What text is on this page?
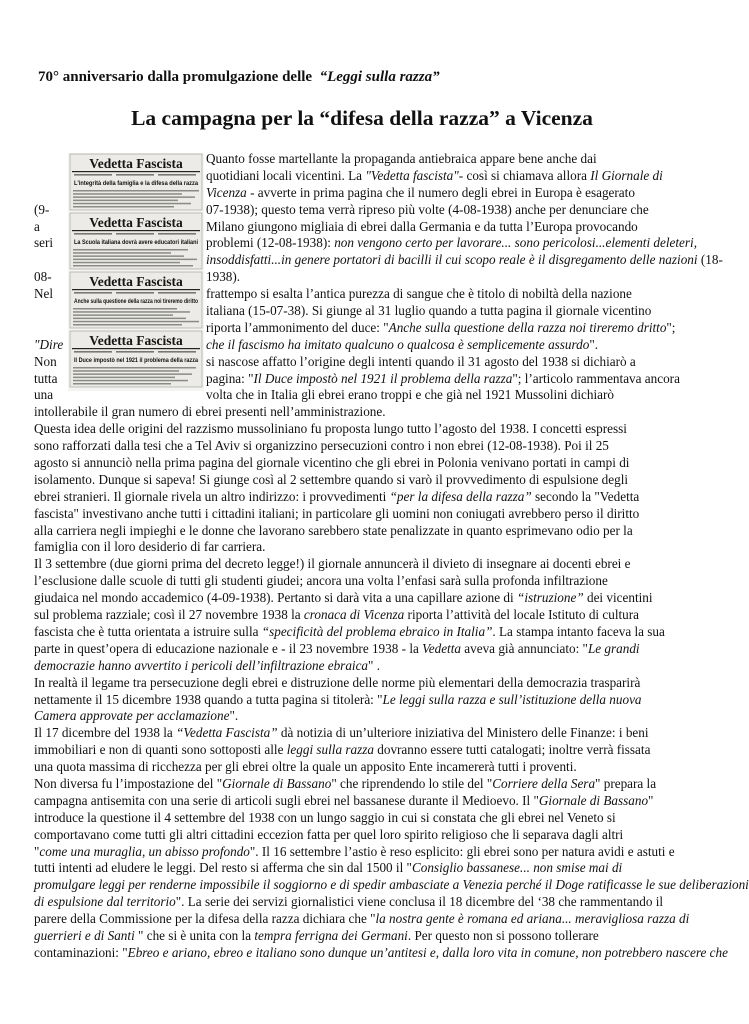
70° anniversario dalla promulgazione delle “Leggi sulla razza”
La campagna per la “difesa della razza” a Vicenza
Vedetta Fascista
L'integrità della famiglia e la difesa della razza
Vedetta Fascista
La Scuola italiana dovrà avere educatori italiani
Vedetta Fascista
Anche sulla questione della razza noi tireremo diritto
Vedetta Fascista
Il Duce impostò nel 1921 il problema della razza
Quanto fosse martellante la propaganda antiebraica appare bene anche dai
quotidiani locali vicentini. La "Vedetta fascista"- così si chiamava allora Il Giornale di
Vicenza - avverte in prima pagina che il numero degli ebrei in Europa è esagerato
(9-	07-1938); questo tema verrà ripreso più volte (4-08-1938) anche per denunciare che
a	Milano giungono migliaia di ebrei dalla Germania e da tutta l’Europa provocando
seri	problemi (12-08-1938): non vengono certo per lavorare... sono pericolosi...elementi deleteri,
insoddisfatti...in genere portatori di bacilli il cui scopo reale è il disgregamento delle nazioni (18-
08-	1938).
Nel	frattempo si esalta l’antica purezza di sangue che è titolo di nobiltà della nazione
italiana (15-07-38). Si giunge al 31 luglio quando a tutta pagina il giornale vicentino
riporta l’ammonimento del duce: "Anche sulla questione della razza noi tireremo dritto";
"Dire	che il fascismo ha imitato qualcuno o qualcosa è semplicemente assurdo".
Non	si nascose affatto l’origine degli intenti quando il 31 agosto del 1938 si dichiarò a
tutta	pagina: "Il Duce impostò nel 1921 il problema della razza"; l’articolo rammentava ancora
una	volta che in Italia gli ebrei erano troppi e che già nel 1921 Mussolini dichiarò
intollerabile il gran numero di ebrei presenti nell’amministrazione.
Questa idea delle origini del razzismo mussoliniano fu proposta lungo tutto l’agosto del 1938. I concetti espressi
sono rafforzati dalla tesi che a Tel Aviv si organizzino persecuzioni contro i non ebrei (12-08-1938). Poi il 25
agosto si annunciò nella prima pagina del giornale vicentino che gli ebrei in Polonia venivano portati in campi di
isolamento. Dunque si sapeva! Si giunge così al 2 settembre quando si varò il provvedimento di espulsione degli
ebrei stranieri. Il giornale rivela un altro indirizzo: i provvedimenti “per la difesa della razza” secondo la "Vedetta
fascista" investivano anche tutti i cittadini italiani; in particolare gli uomini non coniugati avrebbero perso il diritto
alla carriera negli impieghi e le donne che lavorano sarebbero state penalizzate in quanto esprimevano odio per la
famiglia con il loro desiderio di far carriera.
Il 3 settembre (due giorni prima del decreto legge!) il giornale annuncerà il divieto di insegnare ai docenti ebrei e
l’esclusione dalle scuole di tutti gli studenti giudei; ancora una volta l’enfasi sarà sulla profonda infiltrazione
giudaica nel mondo accademico (4-09-1938). Pertanto si darà vita a una capillare azione di “istruzione” dei vicentini
sul problema razziale; così il 27 novembre 1938 la cronaca di Vicenza riporta l’attività del locale Istituto di cultura
fascista che è tutta orientata a istruire sulla “specificità del problema ebraico in Italia”. La stampa intanto faceva la sua
parte in quest’opera di educazione nazionale e - il 23 novembre 1938 - la Vedetta aveva già annunciato: "Le grandi
democrazie hanno avvertito i pericoli dell’infiltrazione ebraica" .
In realtà il legame tra persecuzione degli ebrei e distruzione delle norme più elementari della democrazia trasparirà
nettamente il 15 dicembre 1938 quando a tutta pagina si titolerà: "Le leggi sulla razza e sull’istituzione della nuova
Camera approvate per acclamazione".
Il 17 dicembre del 1938 la “Vedetta Fascista” dà notizia di un’ulteriore iniziativa del Ministero delle Finanze: i beni
immobiliari e non di quanti sono sottoposti alle leggi sulla razza dovranno essere tutti catalogati; inoltre verrà fissata
una quota massima di ricchezza per gli ebrei oltre la quale un apposito Ente incamererà tutti i proventi.
Non diversa fu l’impostazione del "Giornale di Bassano" che riprendendo lo stile del "Corriere della Sera" prepara la
campagna antisemita con una serie di articoli sugli ebrei nel bassanese durante il Medioevo. Il "Giornale di Bassano"
introduce la questione il 4 settembre del 1938 con un lungo saggio in cui si constata che gli ebrei nel Veneto si
comportavano come tutti gli altri cittadini eccezion fatta per quel loro spirito religioso che li separava dagli altri
"come una muraglia, un abisso profondo". Il 16 settembre l’astio è reso esplicito: gli ebrei sono per natura avidi e astuti e
tutti intenti ad eludere le leggi. Del resto si afferma che sin dal 1500 il "Consiglio bassanese... non smise mai di
promulgare leggi per renderne impossibile il soggiorno e di spedir ambasciate a Venezia perché il Doge ratificasse le sue deliberazioni
di espulsione dal territorio". La serie dei servizi giornalistici viene conclusa il 18 dicembre del ‘38 che rammentando il
parere della Commissione per la difesa della razza dichiara che "la nostra gente è romana ed ariana... meravigliosa razza di
guerrieri e di Santi " che si è unita con la tempra ferrigna dei Germani. Per questo non si possono tollerare
contaminazioni: "Ebreo e ariano, ebreo e italiano sono dunque un’antitesi e, dalla loro vita in comune, non potrebbero nascere che
